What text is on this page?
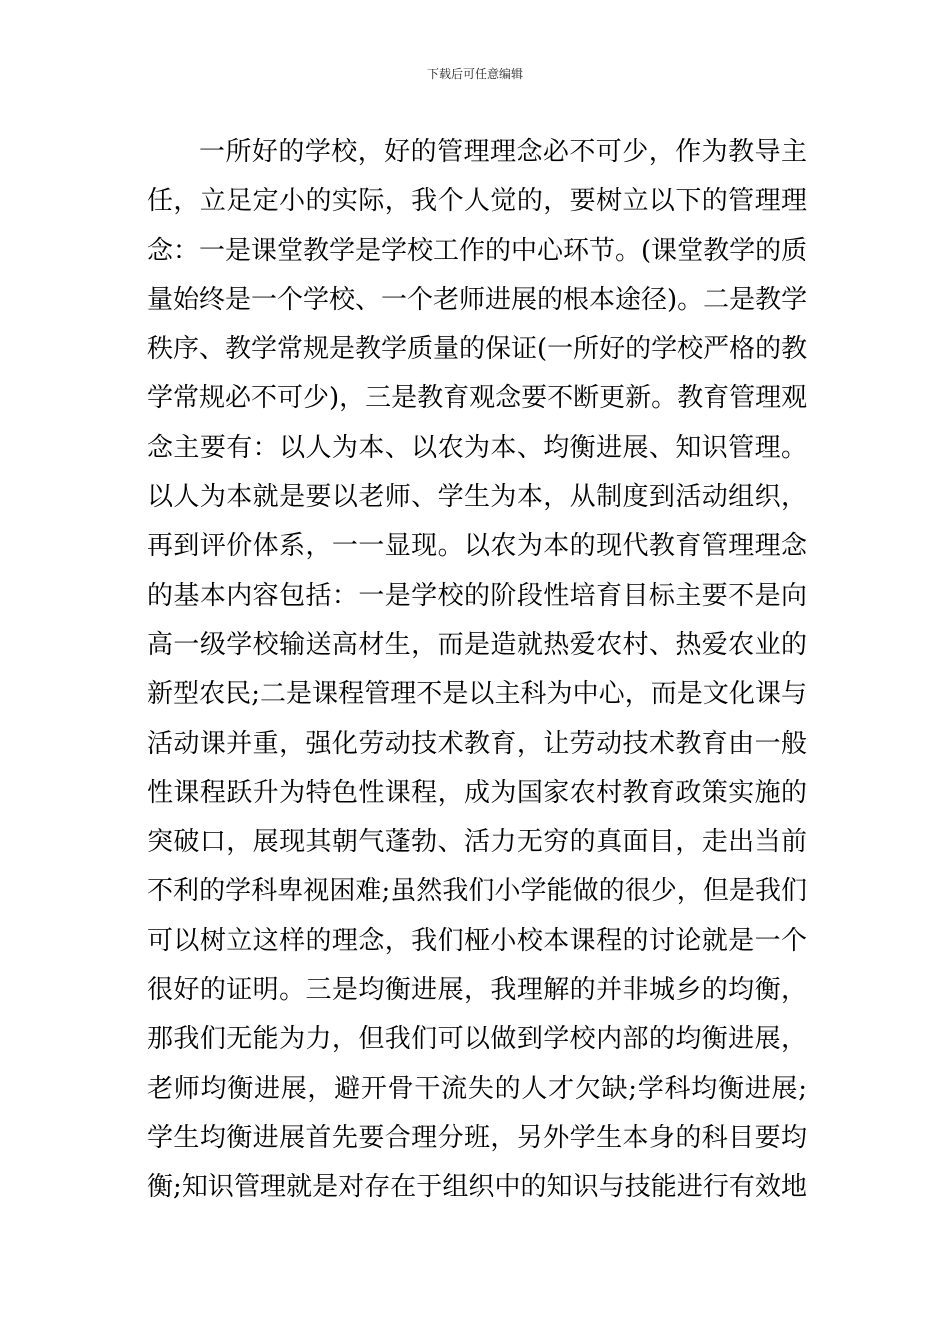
下载后可任意编辑
一所好的学校，好的管理理念必不可少，作为教导主
任，立足定小的实际，我个人觉的，要树立以下的管理理
念：一是课堂教学是学校工作的中心环节。(课堂教学的质
量始终是一个学校、一个老师进展的根本途径)。二是教学
秩序、教学常规是教学质量的保证(一所好的学校严格的教
学常规必不可少)，三是教育观念要不断更新。教育管理观
念主要有：以人为本、以农为本、均衡进展、知识管理。
以人为本就是要以老师、学生为本，从制度到活动组织，
再到评价体系，一一显现。以农为本的现代教育管理理念
的基本内容包括：一是学校的阶段性培育目标主要不是向
高一级学校输送高材生，而是造就热爱农村、热爱农业的
新型农民;二是课程管理不是以主科为中心，而是文化课与
活动课并重，强化劳动技术教育，让劳动技术教育由一般
性课程跃升为特色性课程，成为国家农村教育政策实施的
突破口，展现其朝气蓬勃、活力无穷的真面目，走出当前
不利的学科卑视困难;虽然我们小学能做的很少，但是我们
可以树立这样的理念，我们桠小校本课程的讨论就是一个
很好的证明。三是均衡进展，我理解的并非城乡的均衡，
那我们无能为力，但我们可以做到学校内部的均衡进展，
老师均衡进展，避开骨干流失的人才欠缺;学科均衡进展;
学生均衡进展首先要合理分班，另外学生本身的科目要均
衡;知识管理就是对存在于组织中的知识与技能进行有效地
